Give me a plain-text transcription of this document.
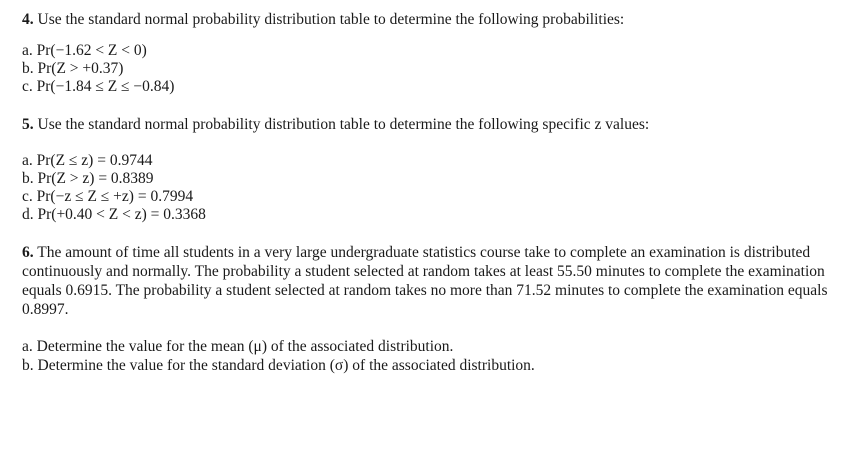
4. Use the standard normal probability distribution table to determine the following probabilities:

a. Pr(−1.62 < Z < 0)
b. Pr(Z > +0.37)
c. Pr(−1.84 ≤ Z ≤ −0.84)

5. Use the standard normal probability distribution table to determine the following specific z values:

a. Pr(Z ≤ z) = 0.9744
b. Pr(Z > z) = 0.8389
c. Pr(−z ≤ Z ≤ +z) = 0.7994
d. Pr(+0.40 < Z < z) = 0.3368

6. The amount of time all students in a very large undergraduate statistics course take to complete an examination is distributed continuously and normally. The probability a student selected at random takes at least 55.50 minutes to complete the examination equals 0.6915. The probability a student selected at random takes no more than 71.52 minutes to complete the examination equals 0.8997.

a. Determine the value for the mean (μ) of the associated distribution.
b. Determine the value for the standard deviation (σ) of the associated distribution.
